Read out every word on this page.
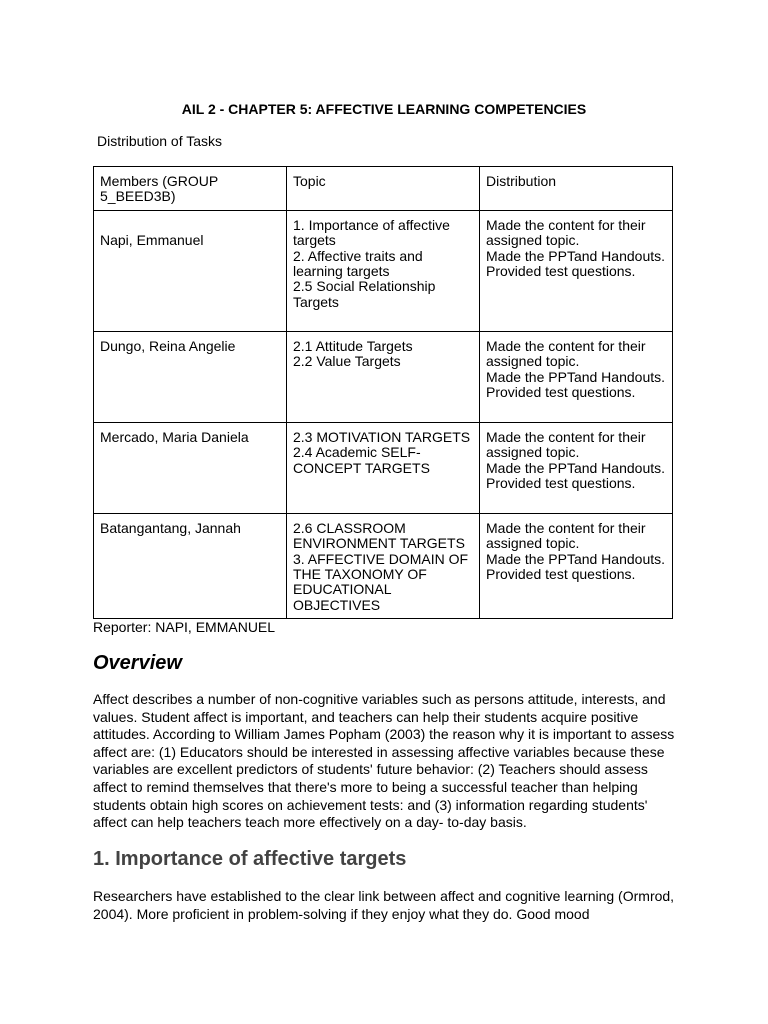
AIL 2 - CHAPTER 5: AFFECTIVE LEARNING COMPETENCIES

Distribution of Tasks

Members (GROUP 5_BEED3B)	Topic	Distribution
Napi, Emmanuel	1. Importance of affective targets
2. Affective traits and learning targets
2.5 Social Relationship Targets	Made the content for their assigned topic.
Made the PPTand Handouts.
Provided test questions.

Dungo, Reina Angelie	2.1 Attitude Targets
2.2 Value Targets	Made the content for their assigned topic.
Made the PPTand Handouts.
Provided test questions.

Mercado, Maria Daniela	2.3 MOTIVATION TARGETS
2.4 Academic SELF-CONCEPT TARGETS	Made the content for their assigned topic.
Made the PPTand Handouts.
Provided test questions.

Batangantang, Jannah	2.6 CLASSROOM ENVIRONMENT TARGETS
3. AFFECTIVE DOMAIN OF THE TAXONOMY OF EDUCATIONAL OBJECTIVES	Made the content for their assigned topic.
Made the PPTand Handouts.
Provided test questions.

Reporter: NAPI, EMMANUEL

Overview

Affect describes a number of non-cognitive variables such as persons attitude, interests, and values. Student affect is important, and teachers can help their students acquire positive attitudes. According to William James Popham (2003) the reason why it is important to assess affect are: (1) Educators should be interested in assessing affective variables because these variables are excellent predictors of students' future behavior: (2) Teachers should assess affect to remind themselves that there's more to being a successful teacher than helping students obtain high scores on achievement tests: and (3) information regarding students' affect can help teachers teach more effectively on a day- to-day basis.

1. Importance of affective targets

Researchers have established to the clear link between affect and cognitive learning (Ormrod, 2004). More proficient in problem-solving if they enjoy what they do. Good mood
